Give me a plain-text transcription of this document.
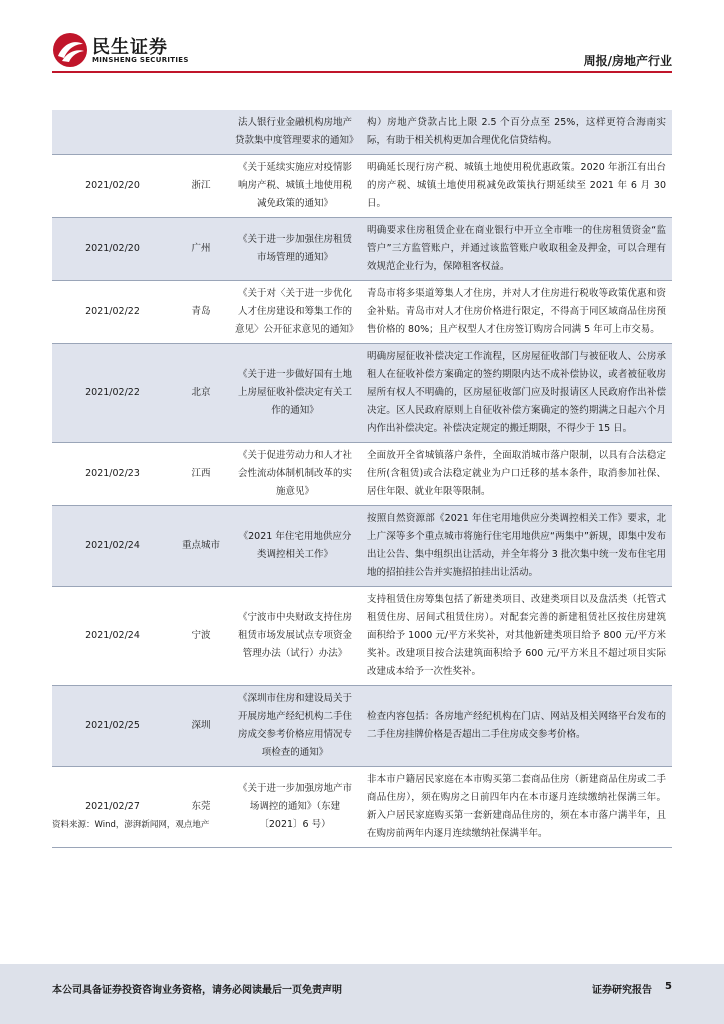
民生证券
MINSHENG SECURITIES	周报/房地产行业
		法人银行业金融机构房地产贷款集中度管理要求的通知》	构）房地产贷款占比上限 2.5 个百分点至 25%，这样更符合海南实际，有助于相关机构更加合理优化信贷结构。
2021/02/20	浙江	《关于延续实施应对疫情影响房产税、城镇土地使用税减免政策的通知》	明确延长现行房产税、城镇土地使用税优惠政策。2020 年浙江有出台的房产税、城镇土地使用税减免政策执行期延续至 2021 年 6 月 30 日。
2021/02/20	广州	《关于进一步加强住房租赁市场管理的通知》	明确要求住房租赁企业在商业银行中开立全市唯一的住房租赁资金“监管户”三方监管账户，并通过该监管账户收取租金及押金，可以合理有效规范企业行为，保障租客权益。
2021/02/22	青岛	《关于对〈关于进一步优化人才住房建设和筹集工作的意见〉公开征求意见的通知》	青岛市将多渠道筹集人才住房，并对人才住房进行税收等政策优惠和资金补贴。青岛市对人才住房价格进行限定，不得高于同区域商品住房预售价格的 80%；且产权型人才住房签订购房合同满 5 年可上市交易。
2021/02/22	北京	《关于进一步做好国有土地上房屋征收补偿决定有关工作的通知》	明确房屋征收补偿决定工作流程，区房屋征收部门与被征收人、公房承租人在征收补偿方案确定的签约期限内达不成补偿协议，或者被征收房屋所有权人不明确的，区房屋征收部门应及时报请区人民政府作出补偿决定。区人民政府原则上自征收补偿方案确定的签约期满之日起六个月内作出补偿决定。补偿决定规定的搬迁期限，不得少于 15 日。
2021/02/23	江西	《关于促进劳动力和人才社会性流动体制机制改革的实施意见》	全面放开全省城镇落户条件，全面取消城市落户限制，以具有合法稳定住所(含租赁)或合法稳定就业为户口迁移的基本条件，取消参加社保、居住年限、就业年限等限制。
2021/02/24	重点城市	《2021 年住宅用地供应分类调控相关工作》	按照自然资源部《2021 年住宅用地供应分类调控相关工作》要求，北上广深等多个重点城市将施行住宅用地供应“两集中”新规，即集中发布出让公告、集中组织出让活动，并全年将分 3 批次集中统一发布住宅用地的招拍挂公告并实施招拍挂出让活动。
2021/02/24	宁波	《宁波市中央财政支持住房租赁市场发展试点专项资金管理办法（试行）办法》	支持租赁住房筹集包括了新建类项目、改建类项目以及盘活类（托管式租赁住房、居间式租赁住房）。对配套完善的新建租赁社区按住房建筑面积给予 1000 元/平方米奖补，对其他新建类项目给予 800 元/平方米奖补。改建项目按合法建筑面积给予 600 元/平方米且不超过项目实际改建成本给予一次性奖补。
2021/02/25	深圳	《深圳市住房和建设局关于开展房地产经纪机构二手住房成交参考价格应用情况专项检查的通知》	检查内容包括：各房地产经纪机构在门店、网站及相关网络平台发布的二手住房挂牌价格是否超出二手住房成交参考价格。
2021/02/27	东莞	《关于进一步加强房地产市场调控的通知》（东建〔2021〕6 号）	非本市户籍居民家庭在本市购买第二套商品住房（新建商品住房或二手商品住房），须在购房之日前四年内在本市逐月连续缴纳社保满三年。新入户居民家庭购买第一套新建商品住房的，须在本市落户满半年，且在购房前两年内逐月连续缴纳社保满半年。
资料来源：Wind，澎湃新闻网，观点地产
本公司具备证券投资咨询业务资格，请务必阅读最后一页免责声明	证券研究报告 5
